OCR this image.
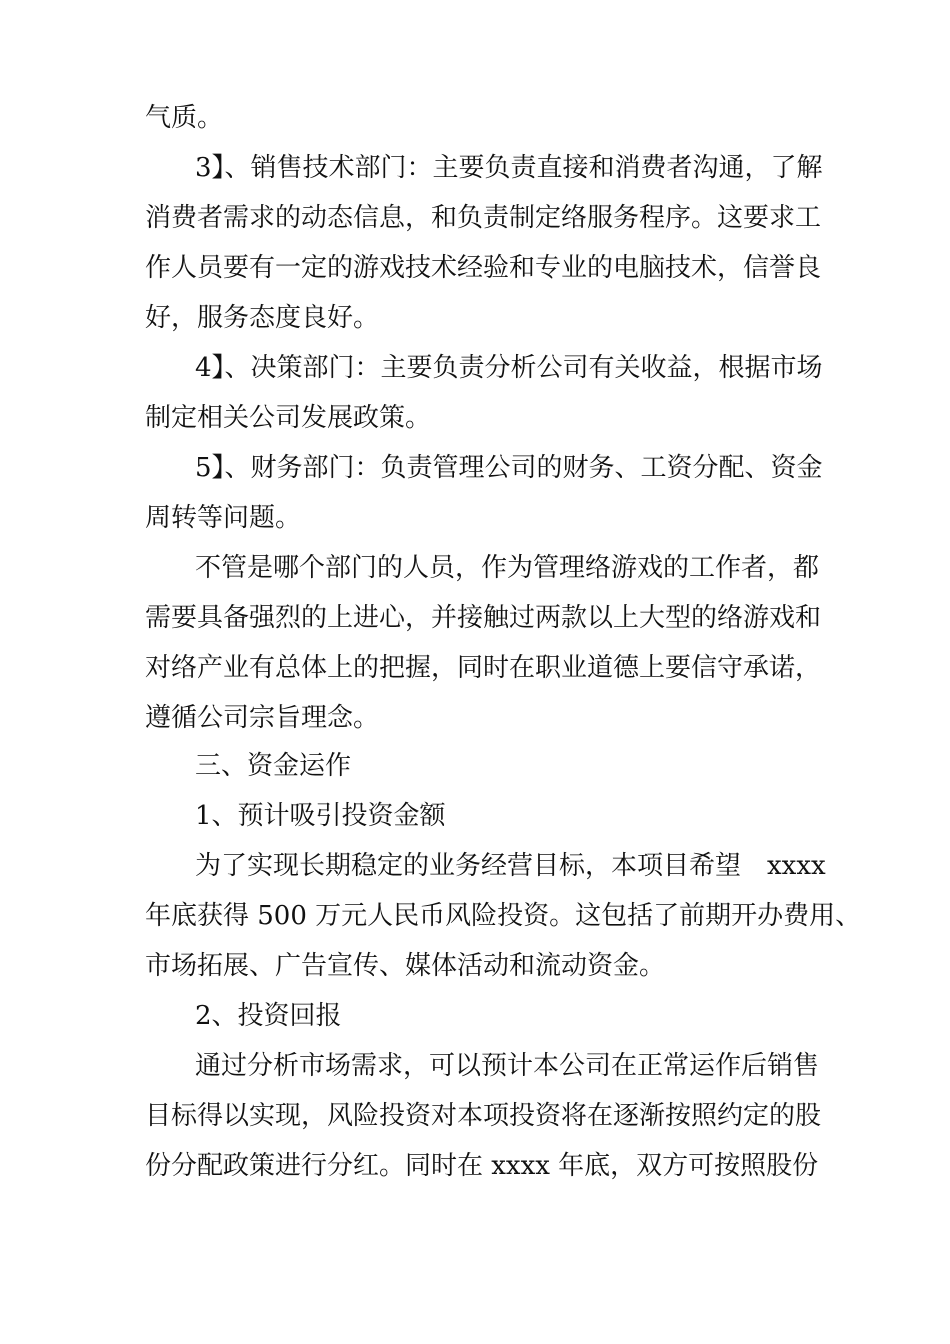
气质。
3】、销售技术部门：主要负责直接和消费者沟通，了解
消费者需求的动态信息，和负责制定络服务程序。这要求工
作人员要有一定的游戏技术经验和专业的电脑技术，信誉良
好，服务态度良好。
4】、决策部门：主要负责分析公司有关收益，根据市场
制定相关公司发展政策。
5】、财务部门：负责管理公司的财务、工资分配、资金
周转等问题。
不管是哪个部门的人员，作为管理络游戏的工作者，都
需要具备强烈的上进心，并接触过两款以上大型的络游戏和
对络产业有总体上的把握，同时在职业道德上要信守承诺，
遵循公司宗旨理念。
三、资金运作
1、预计吸引投资金额
为了实现长期稳定的业务经营目标，本项目希望　xxxx
年底获得 500 万元人民币风险投资。这包括了前期开办费用、
市场拓展、广告宣传、媒体活动和流动资金。
2、投资回报
通过分析市场需求，可以预计本公司在正常运作后销售
目标得以实现，风险投资对本项投资将在逐渐按照约定的股
份分配政策进行分红。同时在 xxxx 年底，双方可按照股份
